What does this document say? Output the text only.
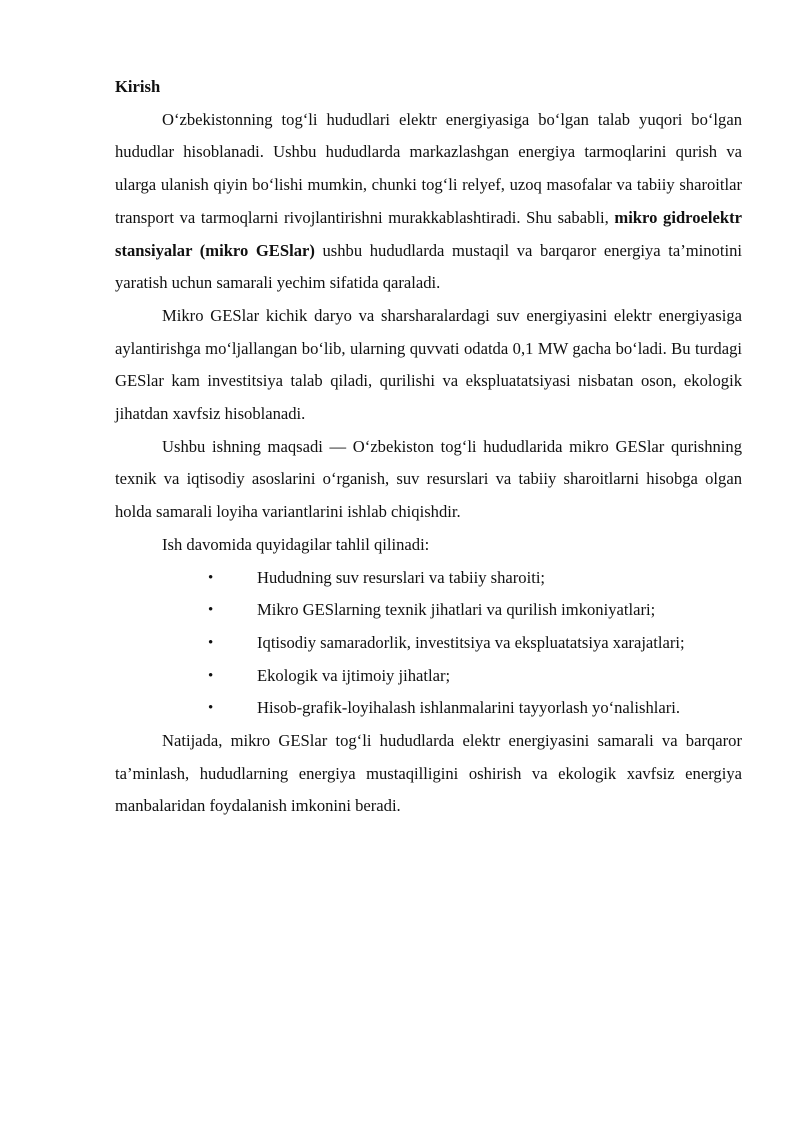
Kirish

O‘zbekistonning tog‘li hududlari elektr energiyasiga bo‘lgan talab yuqori bo‘lgan hududlar hisoblanadi. Ushbu hududlarda markazlashgan energiya tarmoqlarini qurish va ularga ulanish qiyin bo‘lishi mumkin, chunki tog‘li relyef, uzoq masofalar va tabiiy sharoitlar transport va tarmoqlarni rivojlantirishni murakkablashtiradi. Shu sababli, mikro gidroelektr stansiyalar (mikro GESlar) ushbu hududlarda mustaqil va barqaror energiya ta’minotini yaratish uchun samarali yechim sifatida qaraladi.

Mikro GESlar kichik daryo va sharsharalardagi suv energiyasini elektr energiyasiga aylantirishga mo‘ljallangan bo‘lib, ularning quvvati odatda 0,1 MW gacha bo‘ladi. Bu turdagi GESlar kam investitsiya talab qiladi, qurilishi va ekspluatatsiyasi nisbatan oson, ekologik jihatdan xavfsiz hisoblanadi.

Ushbu ishning maqsadi — O‘zbekiston tog‘li hududlarida mikro GESlar qurishning texnik va iqtisodiy asoslarini o‘rganish, suv resurslari va tabiiy sharoitlarni hisobga olgan holda samarali loyiha variantlarini ishlab chiqishdir.

Ish davomida quyidagilar tahlil qilinadi:

•	Hududning suv resurslari va tabiiy sharoiti;
•	Mikro GESlarning texnik jihatlari va qurilish imkoniyatlari;
•	Iqtisodiy samaradorlik, investitsiya va ekspluatatsiya xarajatlari;
•	Ekologik va ijtimoiy jihatlar;
•	Hisob-grafik-loyihalash ishlanmalarini tayyorlash yo‘nalishlari.

Natijada, mikro GESlar tog‘li hududlarda elektr energiyasini samarali va barqaror ta’minlash, hududlarning energiya mustaqilligini oshirish va ekologik xavfsiz energiya manbalaridan foydalanish imkonini beradi.
